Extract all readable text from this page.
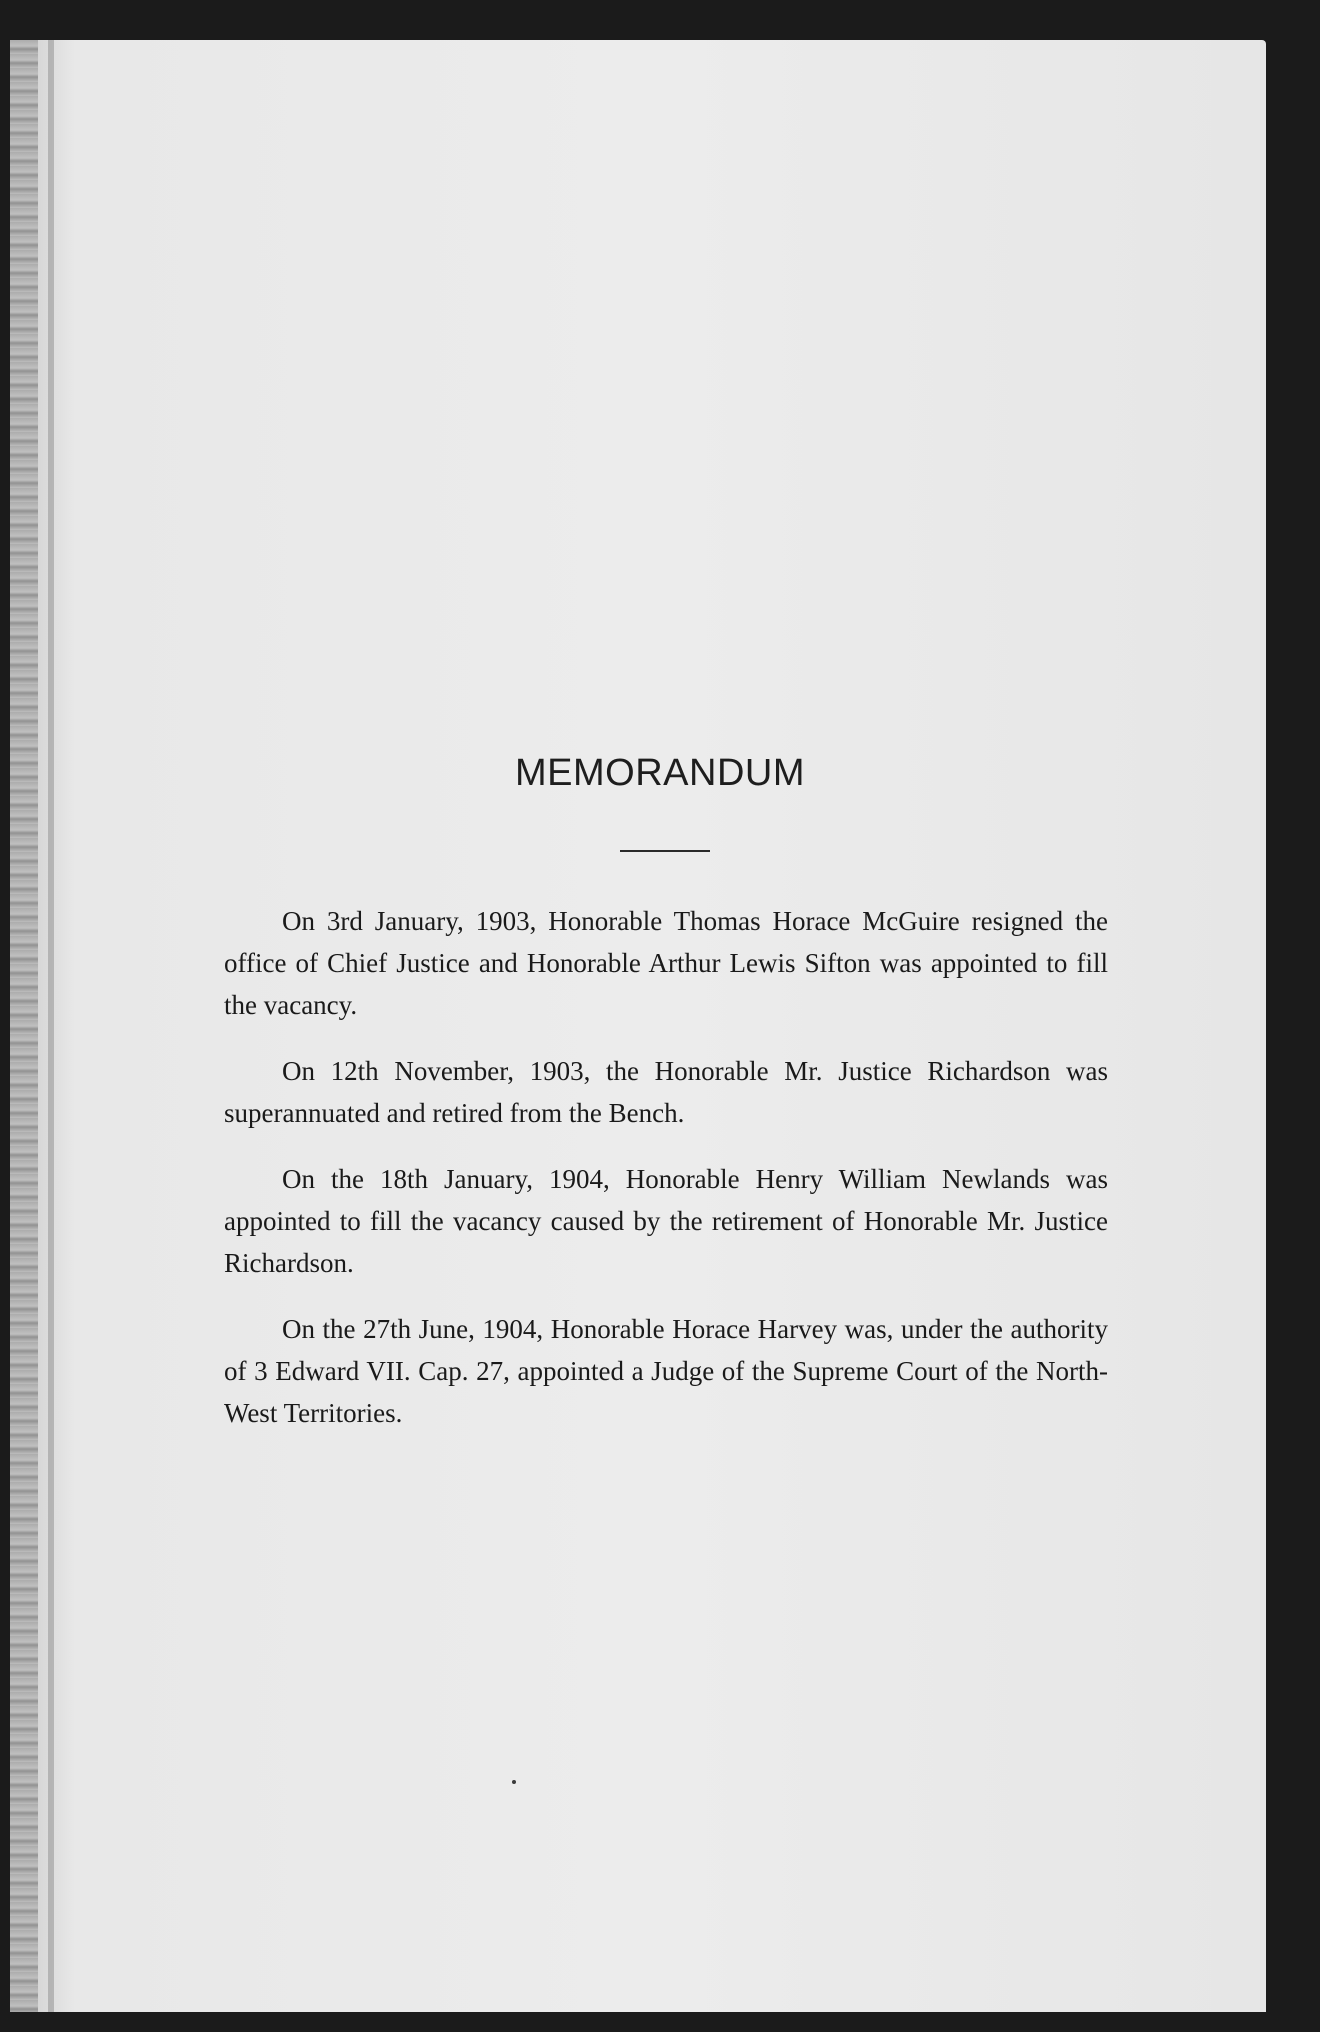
MEMORANDUM

On 3rd January, 1903, Honorable Thomas Horace McGuire resigned the office of Chief Justice and Honorable Arthur Lewis Sifton was appointed to fill the vacancy.

On 12th November, 1903, the Honorable Mr. Justice Richardson was superannuated and retired from the Bench.

On the 18th January, 1904, Honorable Henry William Newlands was appointed to fill the vacancy caused by the retirement of Honorable Mr. Justice Richardson.

On the 27th June, 1904, Honorable Horace Harvey was, under the authority of 3 Edward VII. Cap. 27, appointed a Judge of the Supreme Court of the North-West Territories.
